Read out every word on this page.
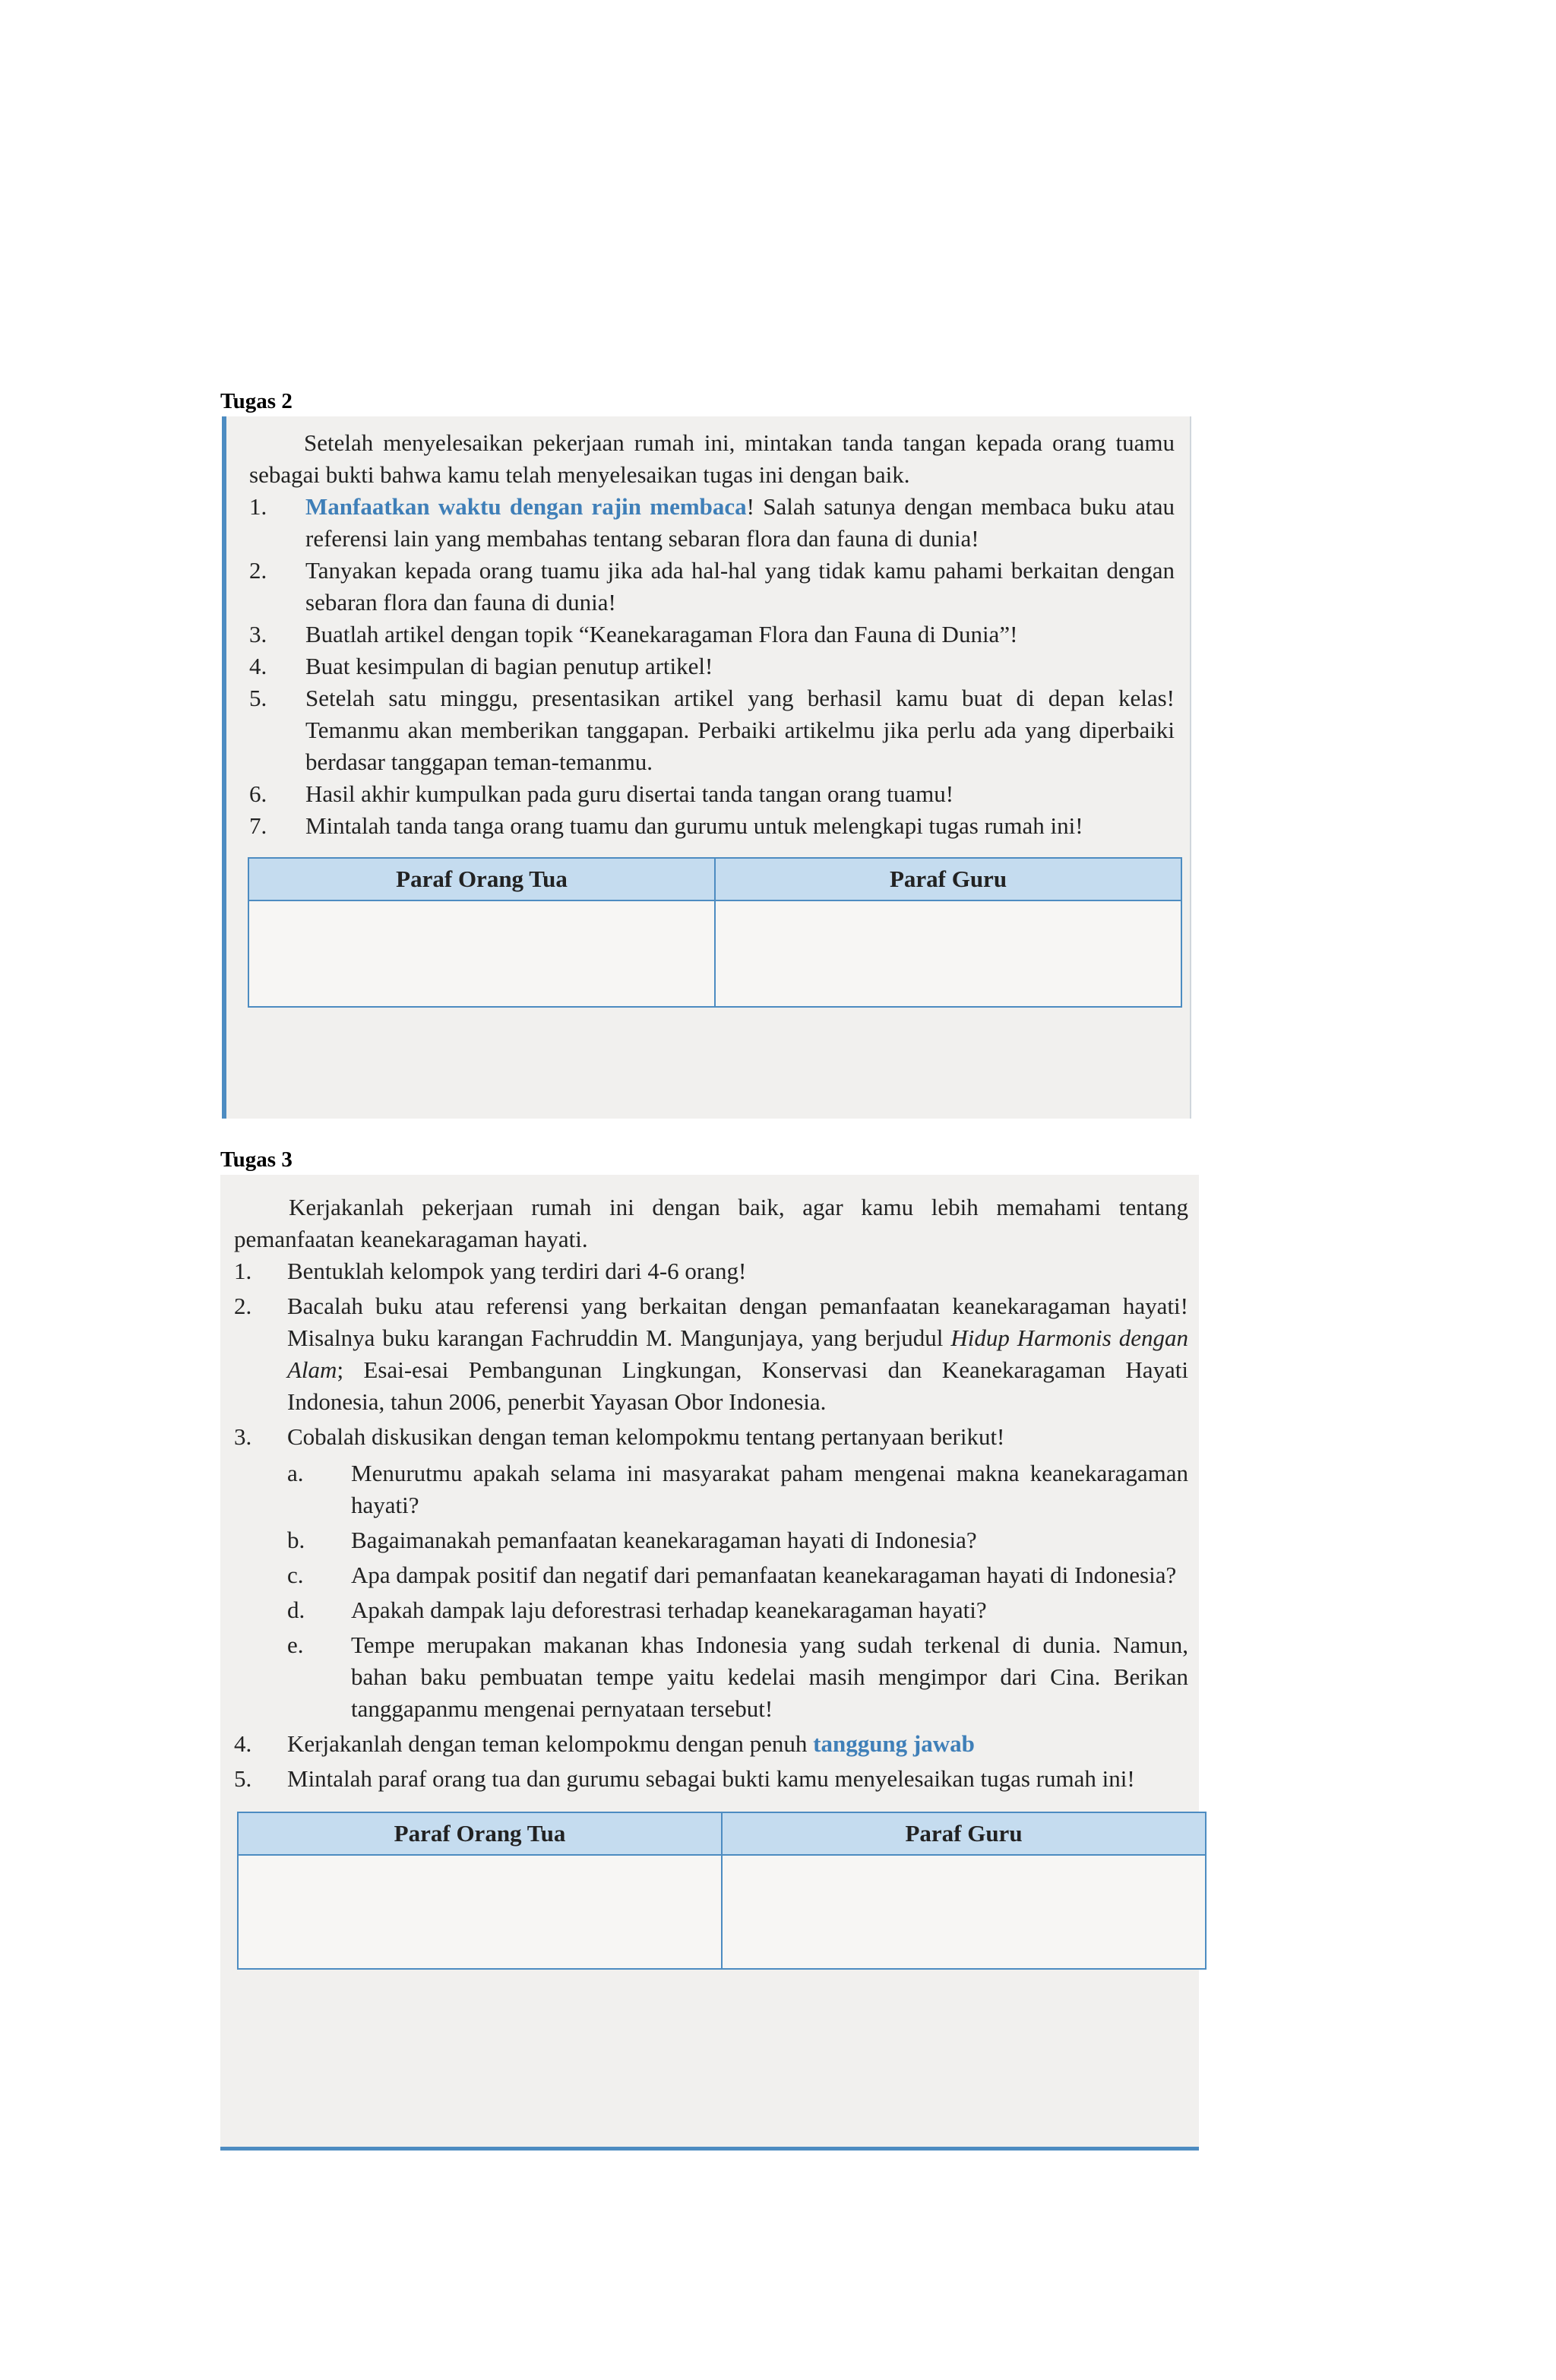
Tugas 2

Setelah menyelesaikan pekerjaan rumah ini, mintakan tanda tangan kepada orang tuamu sebagai bukti bahwa kamu telah menyelesaikan tugas ini dengan baik.

1. Manfaatkan waktu dengan rajin membaca! Salah satunya dengan membaca buku atau referensi lain yang membahas tentang sebaran flora dan fauna di dunia!
2. Tanyakan kepada orang tuamu jika ada hal-hal yang tidak kamu pahami berkaitan dengan sebaran flora dan fauna di dunia!
3. Buatlah artikel dengan topik “Keanekaragaman Flora dan Fauna di Dunia”!
4. Buat kesimpulan di bagian penutup artikel!
5. Setelah satu minggu, presentasikan artikel yang berhasil kamu buat di depan kelas! Temanmu akan memberikan tanggapan. Perbaiki artikelmu jika perlu ada yang diperbaiki berdasar tanggapan teman-temanmu.
6. Hasil akhir kumpulkan pada guru disertai tanda tangan orang tuamu!
7. Mintalah tanda tanga orang tuamu dan gurumu untuk melengkapi tugas rumah ini!
Paraf Orang Tua	Paraf Guru

Tugas 3

Kerjakanlah pekerjaan rumah ini dengan baik, agar kamu lebih memahami tentang pemanfaatan keanekaragaman hayati.

1. Bentuklah kelompok yang terdiri dari 4-6 orang!
2. Bacalah buku atau referensi yang berkaitan dengan pemanfaatan keanekaragaman hayati! Misalnya buku karangan Fachruddin M. Mangunjaya, yang berjudul Hidup Harmonis dengan Alam; Esai-esai Pembangunan Lingkungan, Konservasi dan Keanekaragaman Hayati Indonesia, tahun 2006, penerbit Yayasan Obor Indonesia.
3. Cobalah diskusikan dengan teman kelompokmu tentang pertanyaan berikut!
a. Menurutmu apakah selama ini masyarakat paham mengenai makna keanekaragaman hayati?
b. Bagaimanakah pemanfaatan keanekaragaman hayati di Indonesia?
c. Apa dampak positif dan negatif dari pemanfaatan keanekaragaman hayati di Indonesia?
d. Apakah dampak laju deforestrasi terhadap keanekaragaman hayati?
e. Tempe merupakan makanan khas Indonesia yang sudah terkenal di dunia. Namun, bahan baku pembuatan tempe yaitu kedelai masih mengimpor dari Cina. Berikan tanggapanmu mengenai pernyataan tersebut!
4. Kerjakanlah dengan teman kelompokmu dengan penuh tanggung jawab
5. Mintalah paraf orang tua dan gurumu sebagai bukti kamu menyelesaikan tugas rumah ini!
Paraf Orang Tua	Paraf Guru
